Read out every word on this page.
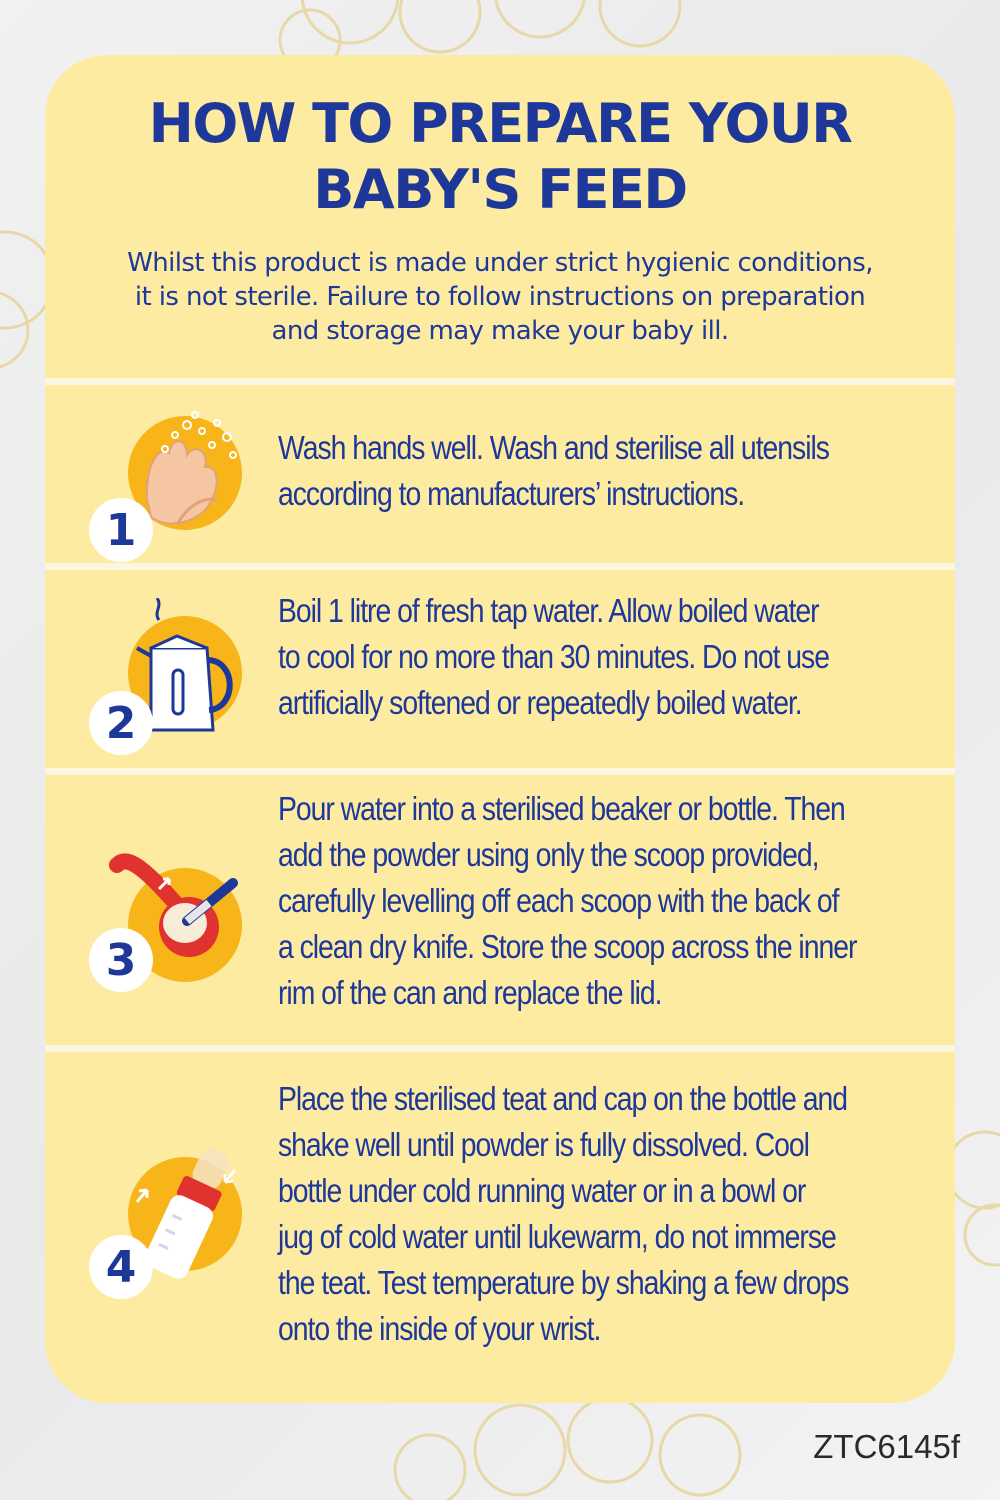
HOW TO PREPARE YOUR
BABY'S FEED

Whilst this product is made under strict hygienic conditions,
it is not sterile. Failure to follow instructions on preparation
and storage may make your baby ill.

1

Wash hands well. Wash and sterilise all utensils
according to manufacturers’ instructions.

2

Boil 1 litre of fresh tap water. Allow boiled water
to cool for no more than 30 minutes. Do not use
artificially softened or repeatedly boiled water.

3

Pour water into a sterilised beaker or bottle. Then
add the powder using only the scoop provided,
carefully levelling off each scoop with the back of
a clean dry knife. Store the scoop across the inner
rim of the can and replace the lid.

4

Place the sterilised teat and cap on the bottle and
shake well until powder is fully dissolved. Cool
bottle under cold running water or in a bowl or
jug of cold water until lukewarm, do not immerse
the teat. Test temperature by shaking a few drops
onto the inside of your wrist.

ZTC6145f
